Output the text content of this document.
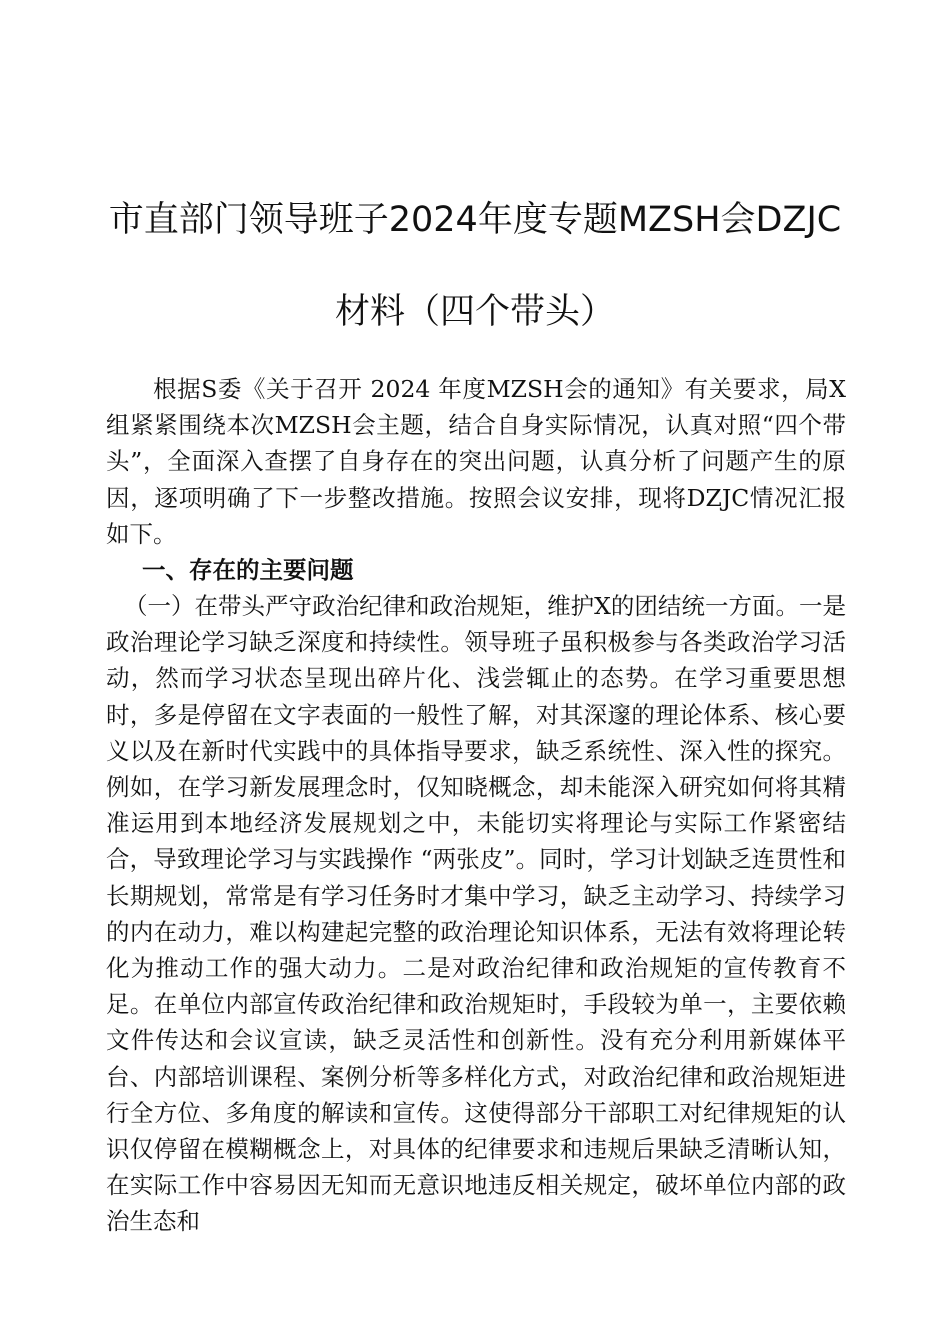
市直部门领导班子2024年度专题MZSH会DZJC
材料（四个带头）

根据S委《关于召开 2024 年度MZSH会的通知》有关要求，局X组紧紧围绕本次MZSH会主题，结合自身实际情况，认真对照“四个带头”，全面深入查摆了自身存在的突出问题，认真分析了问题产生的原因，逐项明确了下一步整改措施。按照会议安排，现将DZJC情况汇报如下。

一、存在的主要问题

（一）在带头严守政治纪律和政治规矩，维护X的团结统一方面。一是政治理论学习缺乏深度和持续性。领导班子虽积极参与各类政治学习活动，然而学习状态呈现出碎片化、浅尝辄止的态势。在学习重要思想时，多是停留在文字表面的一般性了解，对其深邃的理论体系、核心要义以及在新时代实践中的具体指导要求，缺乏系统性、深入性的探究。例如，在学习新发展理念时，仅知晓概念，却未能深入研究如何将其精准运用到本地经济发展规划之中，未能切实将理论与实际工作紧密结合，导致理论学习与实践操作 “两张皮”。同时，学习计划缺乏连贯性和长期规划，常常是有学习任务时才集中学习，缺乏主动学习、持续学习的内在动力，难以构建起完整的政治理论知识体系，无法有效将理论转化为推动工作的强大动力。二是对政治纪律和政治规矩的宣传教育不足。在单位内部宣传政治纪律和政治规矩时，手段较为单一，主要依赖文件传达和会议宣读，缺乏灵活性和创新性。没有充分利用新媒体平台、内部培训课程、案例分析等多样化方式，对政治纪律和政治规矩进行全方位、多角度的解读和宣传。这使得部分干部职工对纪律规矩的认识仅停留在模糊概念上，对具体的纪律要求和违规后果缺乏清晰认知，在实际工作中容易因无知而无意识地违反相关规定，破坏单位内部的政治生态和
